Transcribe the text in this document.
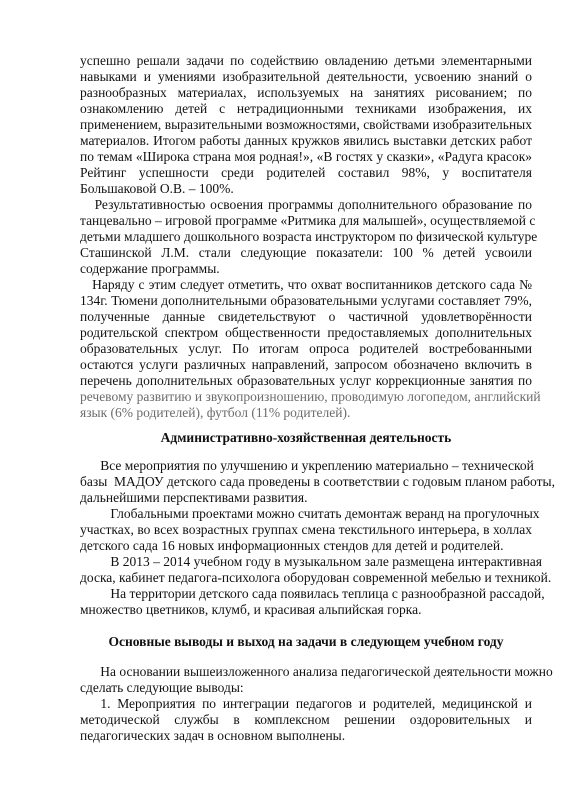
успешно решали задачи по содействию овладению детьми элементарными
навыками и умениями изобразительной деятельности, усвоению знаний о
разнообразных материалах, используемых на занятиях рисованием; по
ознакомлению детей с нетрадиционными техниками изображения, их
применением, выразительными возможностями, свойствами изобразительных
материалов. Итогом работы данных кружков явились выставки детских работ
по темам «Широка страна моя родная!», «В гостях у сказки», «Радуга красок»
Рейтинг успешности среди родителей составил 98%, у воспитателя
Большаковой О.В. – 100%.
Результативностью освоения программы дополнительного образование по
танцевально – игровой программе «Ритмика для малышей», осуществляемой с
детьми младшего дошкольного возраста инструктором по физической культуре
Сташинской Л.М. стали следующие показатели: 100 % детей усвоили
содержание программы.
Наряду с этим следует отметить, что охват воспитанников детского сада №
134г. Тюмени дополнительными образовательными услугами составляет 79%,
полученные данные свидетельствуют о частичной удовлетворённости
родительской спектром общественности предоставляемых дополнительных
образовательных услуг. По итогам опроса родителей востребованными
остаются услуги различных направлений, запросом обозначено включить в
перечень дополнительных образовательных услуг коррекционные занятия по
речевому развитию и звукопроизношению, проводимую логопедом, английский
язык (6% родителей), футбол (11% родителей).
Административно-хозяйственная деятельность
Все мероприятия по улучшению и укреплению материально – технической
базы  МАДОУ детского сада проведены в соответствии с годовым планом работы,
дальнейшими перспективами развития.
Глобальными проектами можно считать демонтаж веранд на прогулочных
участках, во всех возрастных группах смена текстильного интерьера, в холлах
детского сада 16 новых информационных стендов для детей и родителей.
В 2013 – 2014 учебном году в музыкальном зале размещена интерактивная
доска, кабинет педагога-психолога оборудован современной мебелью и техникой.
На территории детского сада появилась теплица с разнообразной рассадой,
множество цветников, клумб, и красивая альпийская горка.
Основные выводы и выход на задачи в следующем учебном году
На основании вышеизложенного анализа педагогической деятельности можно
сделать следующие выводы:
1. Мероприятия по интеграции педагогов и родителей, медицинской и
методической службы в комплексном решении оздоровительных и
педагогических задач в основном выполнены.
